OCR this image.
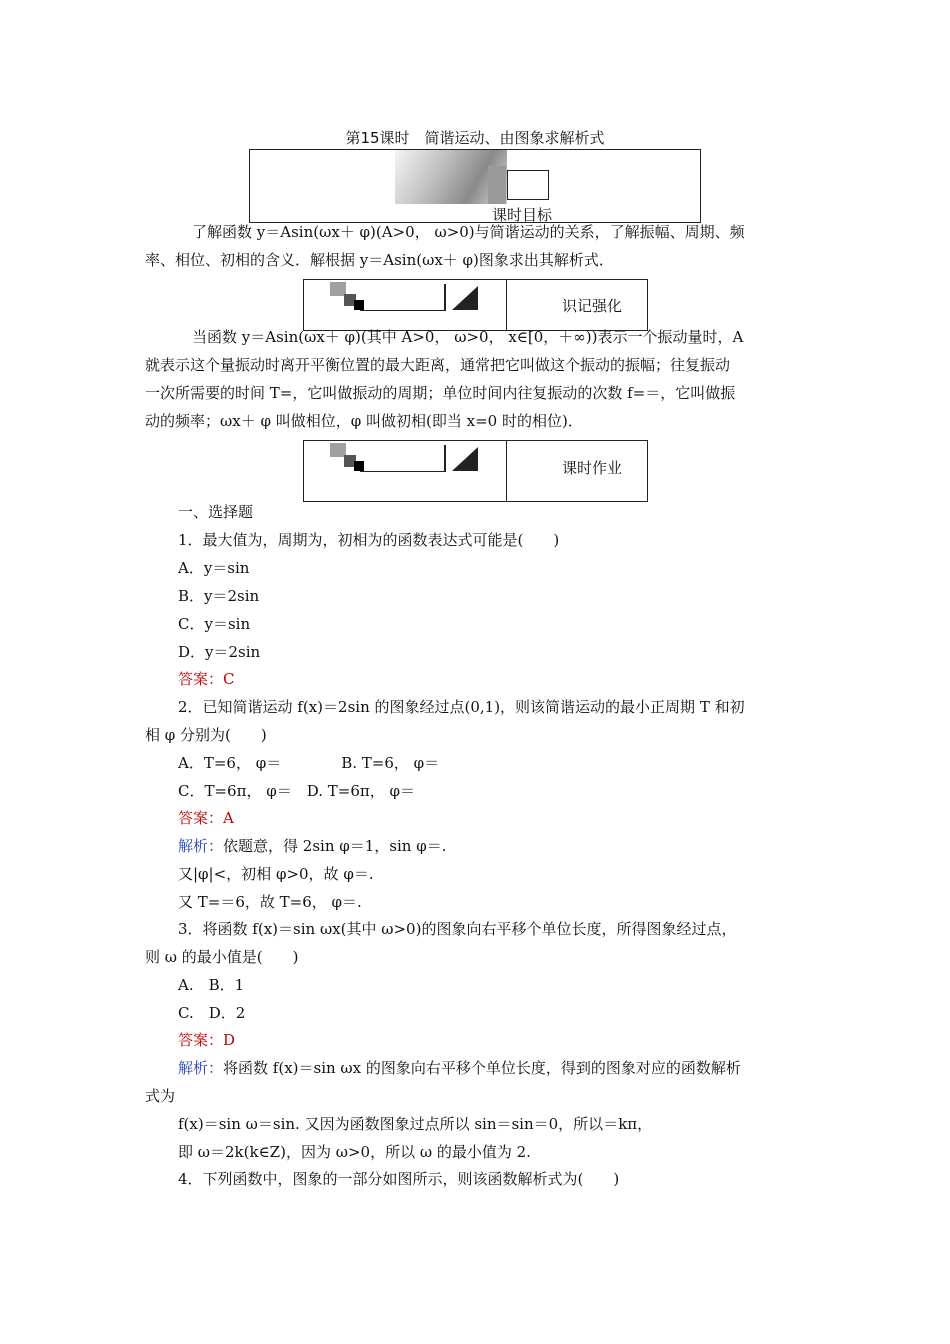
第15课时　简谐运动、由图象求解析式
课时目标
了解函数 y＝Asin(ωx＋ φ)(A>0， ω>0)与简谐运动的关系，了解振幅、周期、频
率、相位、初相的含义．解根据 y＝Asin(ωx＋ φ)图象求出其解析式．
识记强化
当函数 y＝Asin(ωx＋ φ)(其中 A>0， ω>0， x∈[0，＋∞))表示一个振动量时，A
就表示这个量振动时离开平衡位置的最大距离，通常把它叫做这个振动的振幅；往复振动
一次所需要的时间 T=，它叫做振动的周期；单位时间内往复振动的次数 f=＝，它叫做振
动的频率；ωx＋ φ 叫做相位，φ 叫做初相(即当 x=0 时的相位)．
课时作业
一、选择题
1．最大值为，周期为，初相为的函数表达式可能是(　　)
A．y＝sin
B．y＝2sin
C．y＝sin
D．y＝2sin
答案：C
2．已知简谐运动 f(x)＝2sin 的图象经过点(0,1)，则该简谐运动的最小正周期 T 和初
相 φ 分别为(　　)
A．T=6， φ＝　　　　B. T=6， φ＝
C．T=6π， φ＝　D. T=6π， φ＝
答案：A
解析：依题意，得 2sin φ＝1，sin φ＝.
又|φ|<，初相 φ>0，故 φ＝.
又 T=＝6，故 T=6， φ＝.
3．将函数 f(x)＝sin ωx(其中 ω>0)的图象向右平移个单位长度，所得图象经过点，
则 ω 的最小值是(　　)
A.　B．1
C.　D．2
答案：D
解析：将函数 f(x)＝sin ωx 的图象向右平移个单位长度，得到的图象对应的函数解析
式为
f(x)＝sin ω＝sin. 又因为函数图象过点所以 sin＝sin＝0，所以＝kπ，
即 ω＝2k(k∈Z)，因为 ω>0，所以 ω 的最小值为 2.
4．下列函数中，图象的一部分如图所示，则该函数解析式为(　　)
